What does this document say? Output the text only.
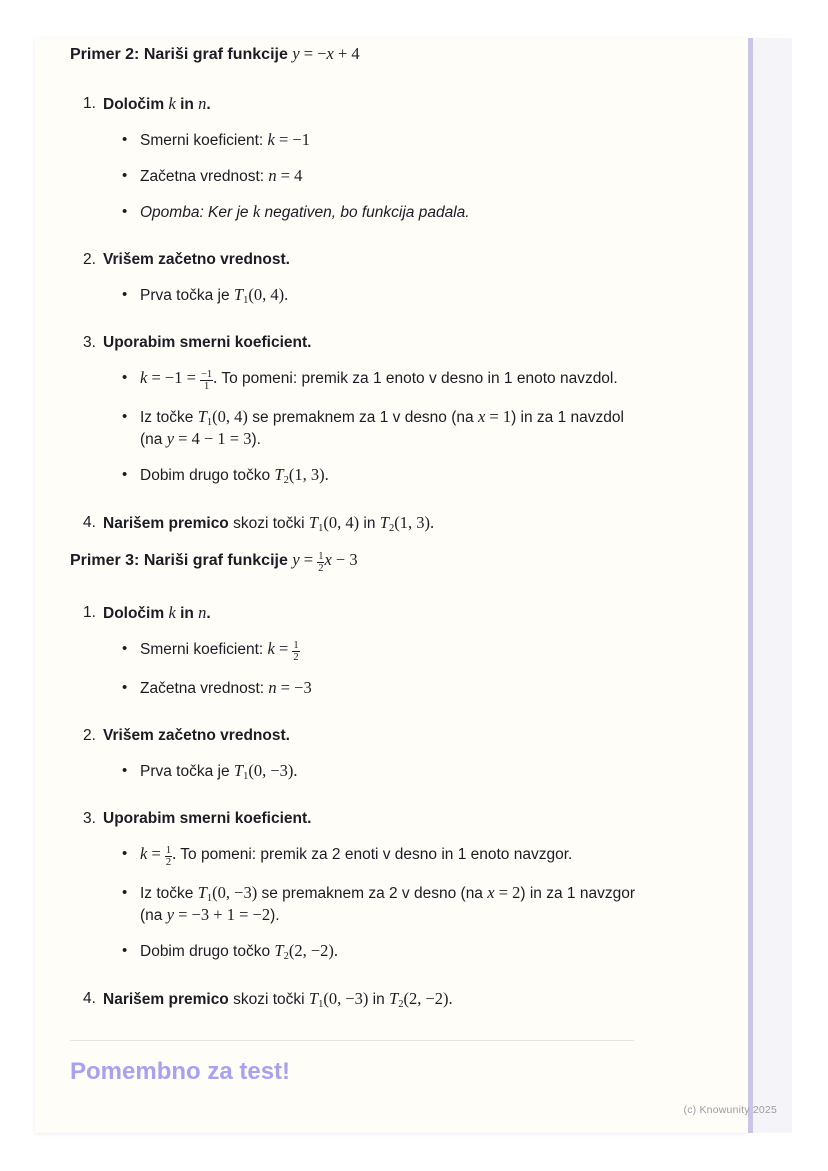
Primer 2: Nariši graf funkcije y = −x + 4
1. Določim k in n.
• Smerni koeficient: k = −1
• Začetna vrednost: n = 4
• Opomba: Ker je k negativen, bo funkcija padala.
2. Vrišem začetno vrednost.
• Prva točka je $T_1(0$, 4).
3. Uporabim smerni koeficient.
• $k = -1 = \frac{-1}{1}$ . To pomeni: premik za 1 enoto v desno in 1 enoto navzdol.
• Iz točke $T_1(0$, 4) se premaknem za 1 v desno (na x = 1) in za 1 navzdol
(na y = 4 − 1 = 3).
• Dobim drugo točko $T_2(1$, 3).
4. Narišem premico skozi točki $T_1(0$, 4) in $T_2(1$, 3).
Primer 3: Nariši graf funkcije $y = \frac{1}{2}$ x − 3
1. Določim k in n.
• Smerni koeficient: $k = \frac{1}{2}$
• Začetna vrednost: n = −3
2. Vrišem začetno vrednost.
• Prva točka je $T_1(0$, −3).
3. Uporabim smerni koeficient.
• $k = \frac{1}{2}$ . To pomeni: premik za 2 enoti v desno in 1 enoto navzgor.
• Iz točke $T_1(0$, −3) se premaknem za 2 v desno (na x = 2) in za 1 navzgor
(na y = −3 + 1 = −2).
• Dobim drugo točko $T_2(2$, −2).
4. Narišem premico skozi točki $T_1(0$, −3) in $T_2(2$, −2).
Pomembno za test!
(c) Knowunity 2025
